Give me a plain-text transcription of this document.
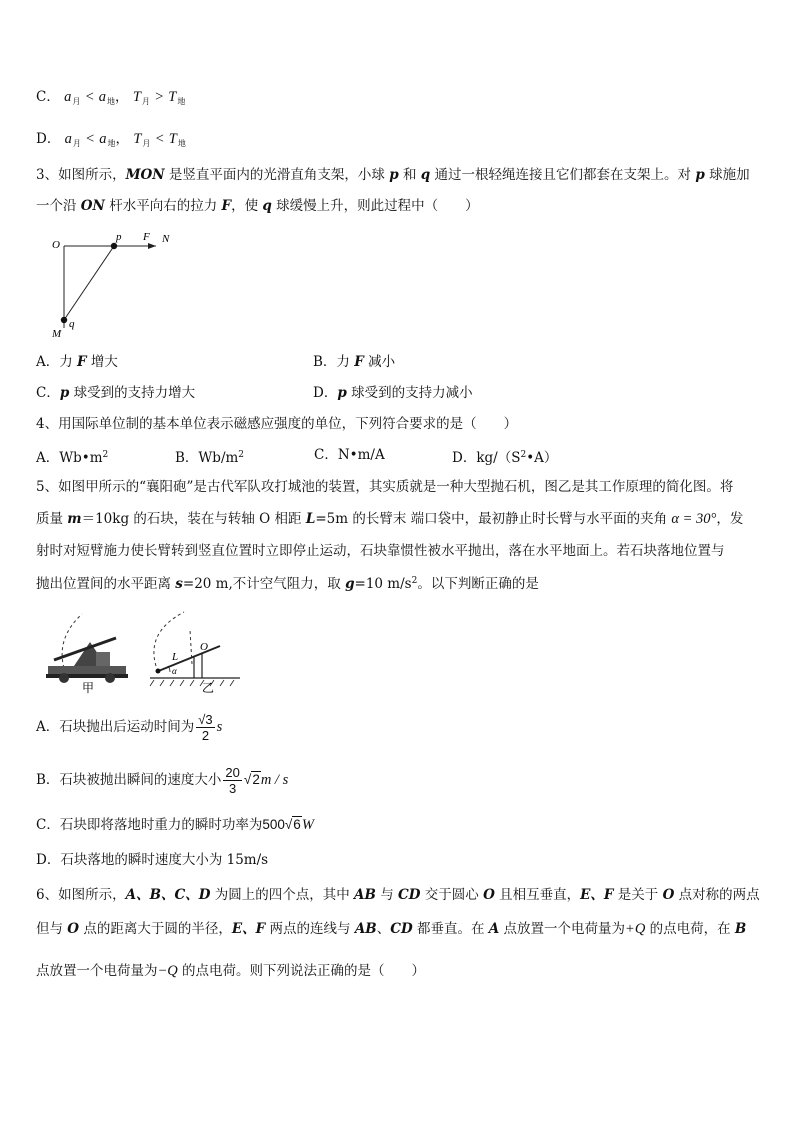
C． $a_月 < a_地$， $T_月 > T_地$
D． $a_月 < a_地$， $T_月 < T_地$
3、如图所示，MON 是竖直平面内的光滑直角支架，小球 p 和 q 通过一根轻绳连接且它们都套在支架上。对 p 球施加
一个沿 ON 杆水平向右的拉力 F，使 q 球缓慢上升，则此过程中（　　）
O
p F N
M
q
A．力 F 增大	B．力 F 减小
C．p 球受到的支持力增大	D．p 球受到的支持力减小
4、用国际单位制的基本单位表示磁感应强度的单位，下列符合要求的是（　　）
A．$Wb•m^2$	B．$Wb/m^2$	C．N•m/A	D．$kg/(S^2•A)$
5、如图甲所示的“襄阳砲”是古代军队攻打城池的装置，其实质就是一种大型抛石机，图乙是其工作原理的简化图。将
质量 m＝10kg 的石块，装在与转轴 O 相距 L=5m 的长臂末 端口袋中，最初静止时长臂与水平面的夹角 α = 30°，发
射时对短臂施力使长臂转到竖直位置时立即停止运动，石块靠惯性被水平抛出，落在水平地面上。若石块落地位置与
抛出位置间的水平距离 s=20 m,不计空气阻力，取 g=10 $m/s^2$。以下判断正确的是
甲	乙
L
O
α
A．石块抛出后运动时间为 $\frac{√3}{2}$ s
B．石块被抛出瞬间的速度大小 $\frac{20}{3} √2m$ / s
C．石块即将落地时重力的瞬时功率为500√6W
D．石块落地的瞬时速度大小为 15m/s
6、如图所示，A、B、C、D 为圆上的四个点，其中 AB 与 CD 交于圆心 O 且相互垂直，E、F 是关于 O 点对称的两点
但与 O 点的距离大于圆的半径，E、F 两点的连线与 AB、CD 都垂直。在 A 点放置一个电荷量为+Q 的点电荷，在 B
点放置一个电荷量为−Q 的点电荷。则下列说法正确的是（　　）
